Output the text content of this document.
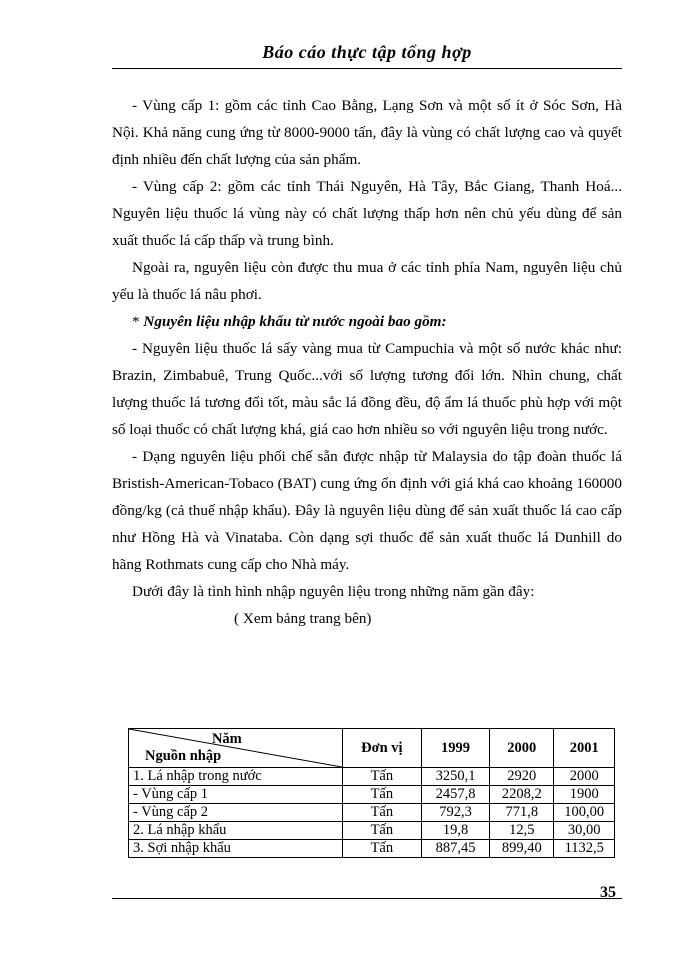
Báo cáo thực tập tổng hợp

- Vùng cấp 1: gồm các tỉnh Cao Bằng, Lạng Sơn và một số ít ở Sóc Sơn, Hà Nội. Khả năng cung ứng từ 8000-9000 tấn, đây là vùng có chất lượng cao và quyết định nhiều đến chất lượng của sản phẩm.

- Vùng cấp 2: gồm các tỉnh Thái Nguyên, Hà Tây, Bắc Giang, Thanh Hoá... Nguyên liệu thuốc lá vùng này có chất lượng thấp hơn nên chủ yếu dùng để sản xuất thuốc lá cấp thấp và trung bình.

Ngoài ra, nguyên liệu còn được thu mua ở các tỉnh phía Nam, nguyên liệu chủ yếu là thuốc lá nâu phơi.

* Nguyên liệu nhập khẩu từ nước ngoài bao gồm:

- Nguyên liệu thuốc lá sấy vàng mua từ Campuchia và một số nước khác như: Brazin, Zimbabuê, Trung Quốc...với số lượng tương đối lớn. Nhìn chung, chất lượng thuốc lá tương đối tốt, màu sắc lá đồng đều, độ ẩm lá thuốc phù hợp với một số loại thuốc có chất lượng khá, giá cao hơn nhiều so với nguyên liệu trong nước.

- Dạng nguyên liệu phối chế sẵn được nhập từ Malaysia do tập đoàn thuốc lá Bristish-American-Tobaco (BAT) cung ứng ổn định với giá khá cao khoảng 160000 đồng/kg (cả thuế nhập khẩu). Đây là nguyên liệu dùng để sản xuất thuốc lá cao cấp như Hồng Hà và Vinataba. Còn dạng sợi thuốc để sản xuất thuốc lá Dunhill do hãng Rothmats cung cấp cho Nhà máy.

Dưới đây là tình hình nhập nguyên liệu trong những năm gần đây:

( Xem bảng trang bên)

Năm
Nguồn nhập	Đơn vị	1999	2000	2001
1. Lá nhập trong nước	Tấn	3250,1	2920	2000
- Vùng cấp 1	Tấn	2457,8	2208,2	1900
- Vùng cấp 2	Tấn	792,3	771,8	100,00
2. Lá nhập khẩu	Tấn	19,8	12,5	30,00
3. Sợi nhập khẩu	Tấn	887,45	899,40	1132,5
35
